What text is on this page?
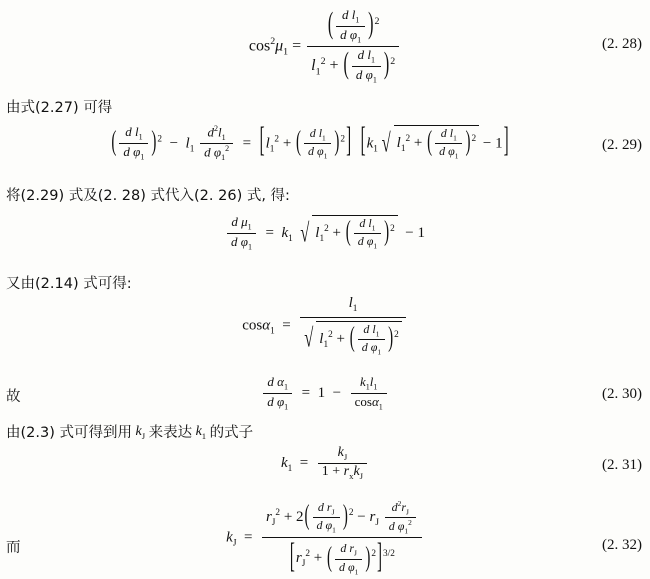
$\cos^2\mu_1 = \frac{( \frac{d l_1}{d \varphi_1} )^2}{l_1^2 + ( \frac{d l_1}{d \varphi_1} )^2}$	(2. 28)
由式(2.27) 可得
( $\frac{d l_1}{d \varphi_1} )^2 - l_1 \frac{d^2l_1}{d \varphi_1^2} = [l_1^2$ + ( $\frac{d l_1}{d \varphi_1} )^2$] [$k_1$ √ $l_1^2$ + ( $\frac{d l_1}{d \varphi_1} )^2 - 1$]	(2. 29)
将(2.29) 式及(2. 28) 式代入(2. 26) 式, 得:
$\frac{d \mu_1}{d \varphi_1} = k_1$ √ $l_1^2$ + ( $\frac{d l_1}{d \varphi_1} )^2 - 1$
又由(2.14) 式可得:
$\cos\alpha_1 = \frac{l_1}{√ l_1^2 + ( \frac{d l_1}{d \varphi_1} )^2}$
故	$\frac{d \alpha_1}{d \varphi_1} = 1 - \frac{k_1l_1}{\cos\alpha_1}$	(2. 30)
由(2.3) 式可得到用 $k_J$ 来表达 $k_1$ 的式子
$k_1 = \frac{k_J}{1 + r_xk_J}$	(2. 31)
而
$k_J = \frac{r_J^2 + 2( \frac{d r_J}{d \varphi_1} )^2 - r_J \frac{d^2r_J}{d \varphi_1^2}}{[r_J^2 + ( \frac{d r_J}{d \varphi_1} )^2]^{3/2}}$	(2. 32)
